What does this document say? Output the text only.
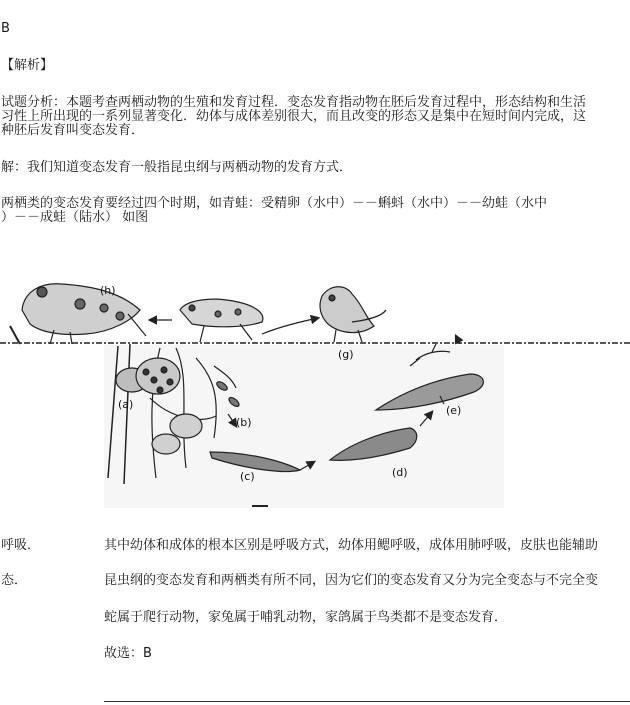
B
【解析】
试题分析：本题考查两栖动物的生殖和发育过程．变态发育指动物在胚后发育过程中，形态结构和生活
习性上所出现的一系列显著变化．幼体与成体差别很大，而且改变的形态又是集中在短时间内完成，这
种胚后发育叫变态发育．
解：我们知道变态发育一般指昆虫纲与两栖动物的发育方式．
两栖类的变态发育要经过四个时期，如青蛙：受精卵（水中）－－蝌蚪（水中）－－幼蛙（水中
）－－成蛙（陆水） 如图
(h)
(g)
(a)
(b)
(c)	(d)
(e)
呼吸．	其中幼体和成体的根本区别是呼吸方式，幼体用鳃呼吸，成体用肺呼吸，皮肤也能辅助
态．	昆虫纲的变态发育和两栖类有所不同，因为它们的变态发育又分为完全变态与不完全变
蛇属于爬行动物，家兔属于哺乳动物，家鸽属于鸟类都不是变态发育．
故选：B
